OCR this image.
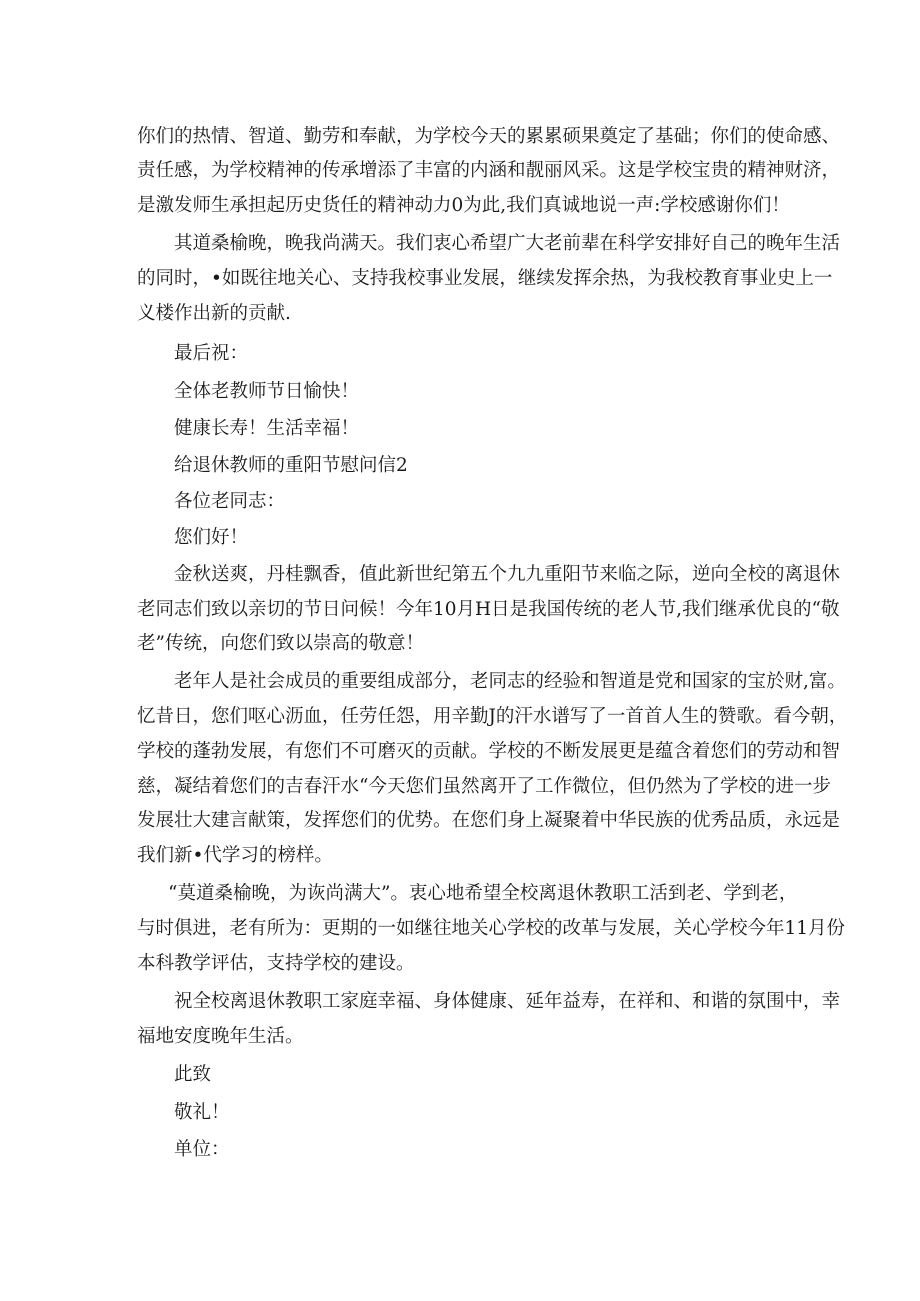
你们的热情、智道、勤劳和奉献，为学校今天的累累硕果奠定了基础；你们的使命感、
责任感，为学校精神的传承增添了丰富的内涵和靓丽风采。这是学校宝贵的精神财济，
是激发师生承担起历史货任的精神动力0为此,我们真诚地说一声:学校感谢你们！
其道桑榆晚，晚我尚满天。我们衷心希望广大老前辈在科学安排好自己的晚年生活
的同时，•如既往地关心、支持我校事业发展，继续发挥余热，为我校教育事业史上一
义楼作出新的贡献.
最后祝：
全体老教师节日愉快！
健康长寿！生活幸福！
给退休教师的重阳节慰问信2
各位老同志：
您们好！
金秋送爽，丹桂飘香，值此新世纪第五个九九重阳节来临之际，逆向全校的离退休
老同志们致以亲切的节日问候！今年10月H日是我国传统的老人节,我们继承优良的“敬
老”传统，向您们致以崇高的敬意！
老年人是社会成员的重要组成部分，老同志的经验和智道是党和国家的宝於财,富。
忆昔日，您们呕心沥血，任劳任怨，用辛勤J的汗水谱写了一首首人生的赞歌。看今朝，
学校的蓬勃发展，有您们不可磨灭的贡献。学校的不断发展更是蕴含着您们的劳动和智
慈，凝结着您们的吉春汗水“今天您们虽然离开了工作微位，但仍然为了学校的进一步
发展壮大建言献策，发挥您们的优势。在您们身上凝聚着中华民族的优秀品质，永远是
我们新•代学习的榜样。
“莫道桑榆晚，为诙尚满大”。衷心地希望全校离退休教职工活到老、学到老，
与时俱进，老有所为：更期的一如继往地关心学校的改革与发展，关心学校今年11月份
本科教学评估，支持学校的建设。
祝全校离退休教职工家庭幸福、身体健康、延年益寿，在祥和、和谐的氛围中，幸
福地安度晚年生活。
此致
敬礼！
单位：
